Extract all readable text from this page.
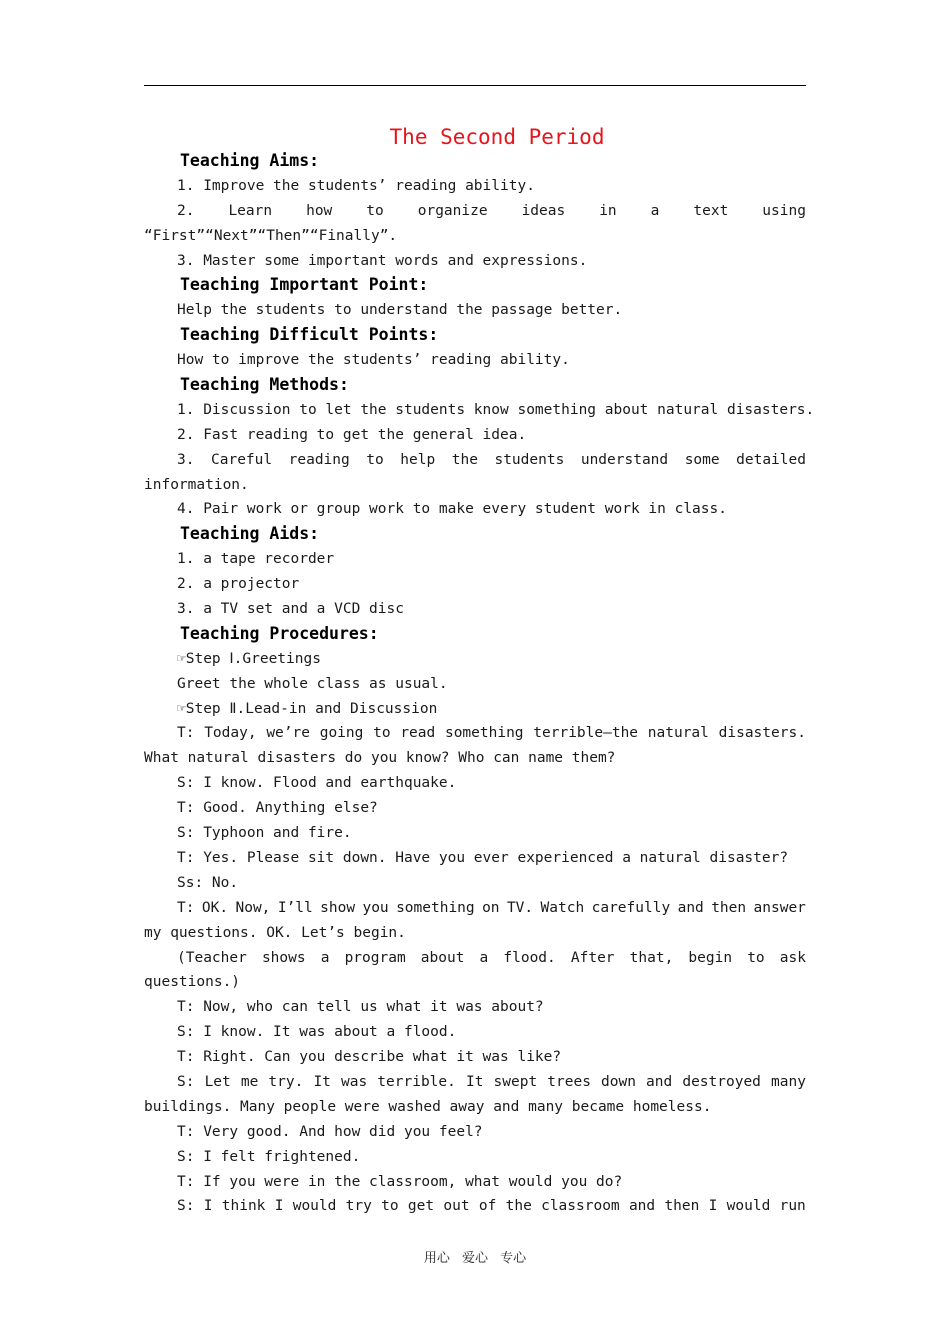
The Second Period
Teaching Aims:
1. Improve the students’ reading ability.
2. Learn how to organize ideas in a text using
“First”“Next”“Then”“Finally”.
3. Master some important words and expressions.
Teaching Important Point:
Help the students to understand the passage better.
Teaching Difficult Points:
How to improve the students’ reading ability.
Teaching Methods:
1. Discussion to let the students know something about natural disasters.
2. Fast reading to get the general idea.
3. Careful reading to help the students understand some detailed
information.
4. Pair work or group work to make every student work in class.
Teaching Aids:
1. a tape recorder
2. a projector
3. a TV set and a VCD disc
Teaching Procedures:
☞Step Ⅰ.Greetings
Greet the whole class as usual.
☞Step Ⅱ.Lead-in and Discussion
T: Today, we’re going to read something terrible—the natural disasters.
What natural disasters do you know? Who can name them?
S: I know. Flood and earthquake.
T: Good. Anything else?
S: Typhoon and fire.
T: Yes. Please sit down. Have you ever experienced a natural disaster?
Ss: No.
T: OK. Now, I’ll show you something on TV. Watch carefully and then answer
my questions. OK. Let’s begin.
(Teacher shows a program about a flood. After that, begin to ask
questions.)
T: Now, who can tell us what it was about?
S: I know. It was about a flood.
T: Right. Can you describe what it was like?
S: Let me try. It was terrible. It swept trees down and destroyed many
buildings. Many people were washed away and many became homeless.
T: Very good. And how did you feel?
S: I felt frightened.
T: If you were in the classroom, what would you do?
S: I think I would try to get out of the classroom and then I would run
用心 爱心 专心
